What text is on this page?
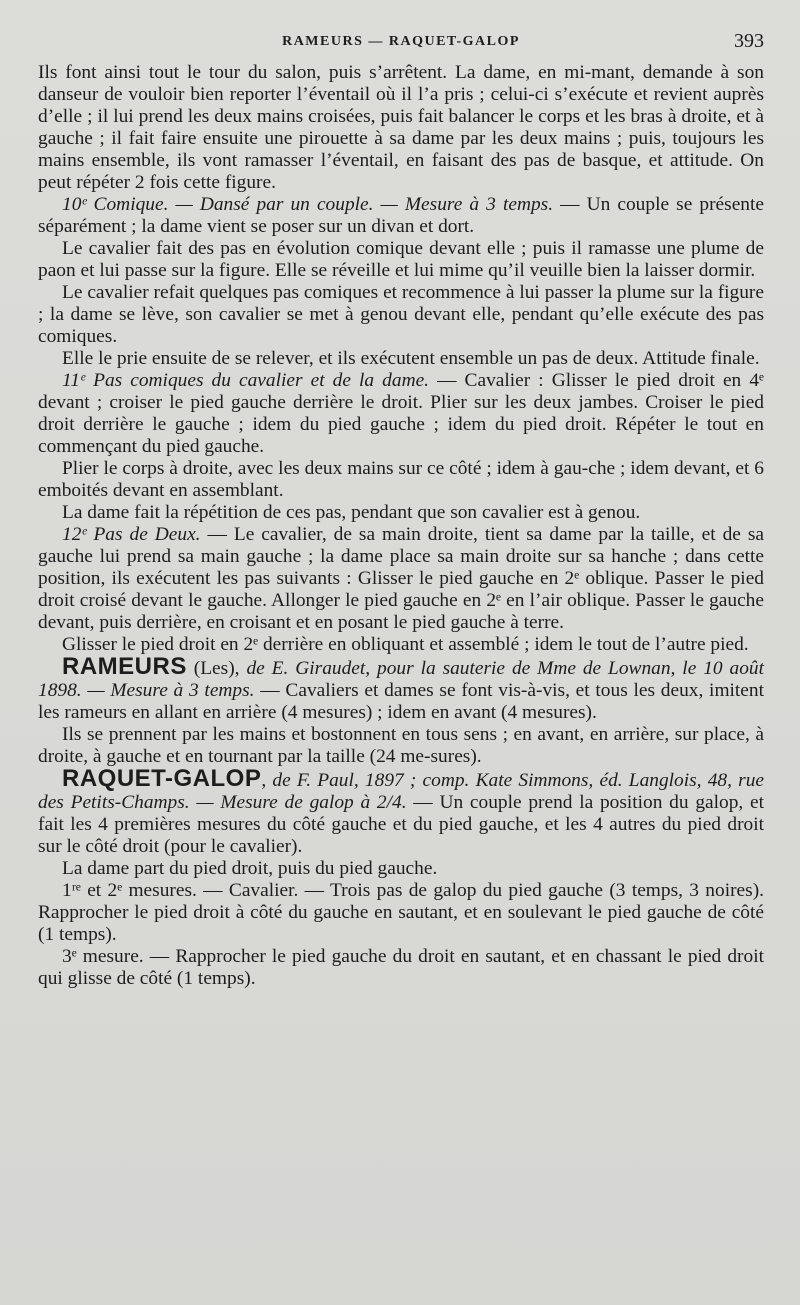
RAMEURS — RAQUET-GALOP	393

Ils font ainsi tout le tour du salon, puis s’arrêtent. La dame, en mi-mant, demande à son danseur de vouloir bien reporter l’éventail où il l’a pris ; celui-ci s’exécute et revient auprès d’elle ; il lui prend les deux mains croisées, puis fait balancer le corps et les bras à droite, et à gauche ; il fait faire ensuite une pirouette à sa dame par les deux mains ; puis, toujours les mains ensemble, ils vont ramasser l’éventail, en faisant des pas de basque, et attitude. On peut répéter 2 fois cette figure.

10ᵉ Comique. — Dansé par un couple. — Mesure à 3 temps. — Un couple se présente séparément ; la dame vient se poser sur un divan et dort.

Le cavalier fait des pas en évolution comique devant elle ; puis il ramasse une plume de paon et lui passe sur la figure. Elle se réveille et lui mime qu’il veuille bien la laisser dormir.

Le cavalier refait quelques pas comiques et recommence à lui passer la plume sur la figure ; la dame se lève, son cavalier se met à genou devant elle, pendant qu’elle exécute des pas comiques.

Elle le prie ensuite de se relever, et ils exécutent ensemble un pas de deux. Attitude finale.

11ᵉ Pas comiques du cavalier et de la dame. — Cavalier : Glisser le pied droit en 4ᵉ devant ; croiser le pied gauche derrière le droit. Plier sur les deux jambes. Croiser le pied droit derrière le gauche ; idem du pied gauche ; idem du pied droit. Répéter le tout en commençant du pied gauche.

Plier le corps à droite, avec les deux mains sur ce côté ; idem à gau-che ; idem devant, et 6 emboités devant en assemblant.

La dame fait la répétition de ces pas, pendant que son cavalier est à genou.

12ᵉ Pas de Deux. — Le cavalier, de sa main droite, tient sa dame par la taille, et de sa gauche lui prend sa main gauche ; la dame place sa main droite sur sa hanche ; dans cette position, ils exécutent les pas suivants : Glisser le pied gauche en 2ᵉ oblique. Passer le pied droit croisé devant le gauche. Allonger le pied gauche en 2ᵉ en l’air oblique. Passer le gauche devant, puis derrière, en croisant et en posant le pied gauche à terre.

Glisser le pied droit en 2ᵉ derrière en obliquant et assemblé ; idem le tout de l’autre pied.

RAMEURS (Les), de E. Giraudet, pour la sauterie de Mme de Lownan, le 10 août 1898. — Mesure à 3 temps. — Cavaliers et dames se font vis-à-vis, et tous les deux, imitent les rameurs en allant en arrière (4 mesures) ; idem en avant (4 mesures).

Ils se prennent par les mains et bostonnent en tous sens ; en avant, en arrière, sur place, à droite, à gauche et en tournant par la taille (24 me-sures).

RAQUET-GALOP, de F. Paul, 1897 ; comp. Kate Simmons, éd. Langlois, 48, rue des Petits-Champs. — Mesure de galop à 2/4. — Un couple prend la position du galop, et fait les 4 premières mesures du côté gauche et du pied gauche, et les 4 autres du pied droit sur le côté droit (pour le cavalier).

La dame part du pied droit, puis du pied gauche.

1ʳᵉ et 2ᵉ mesures. — Cavalier. — Trois pas de galop du pied gauche (3 temps, 3 noires). Rapprocher le pied droit à côté du gauche en sautant, et en soulevant le pied gauche de côté (1 temps).

3ᵉ mesure. — Rapprocher le pied gauche du droit en sautant, et en chassant le pied droit qui glisse de côté (1 temps).
